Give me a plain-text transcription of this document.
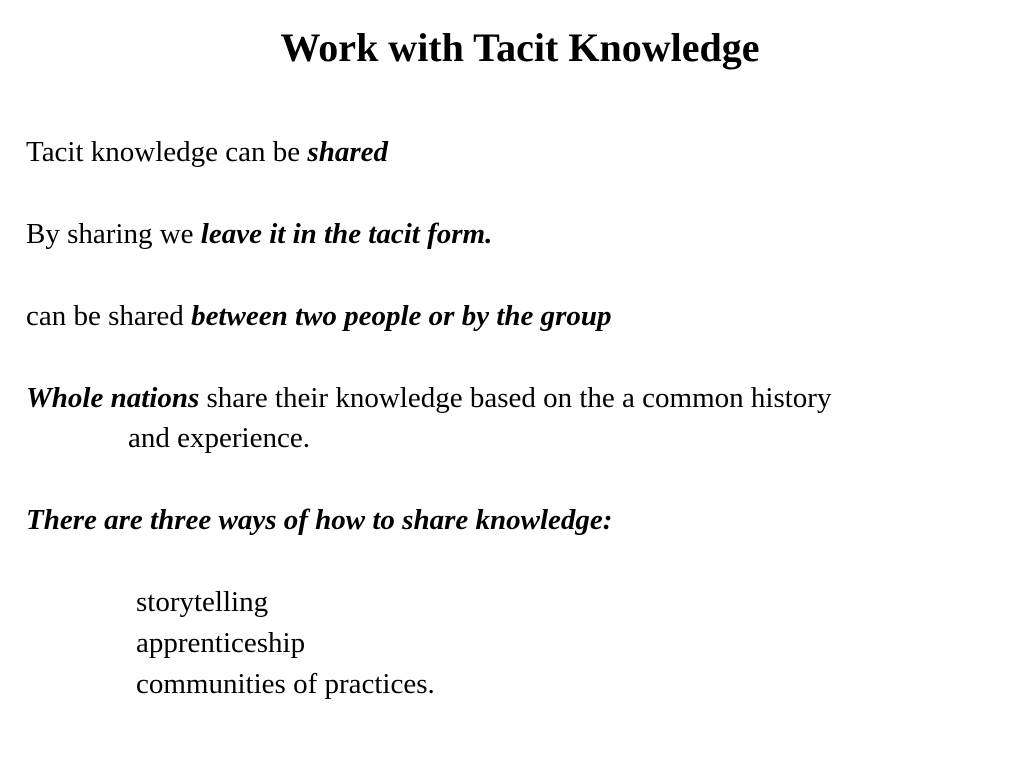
Work with Tacit Knowledge
Tacit knowledge can be shared
By sharing we leave it in the tacit form.
can be shared between two people or by the group
Whole nations share their knowledge based on the a common history
and experience.
There are three ways of how to share knowledge:
storytelling
apprenticeship
communities of practices.
